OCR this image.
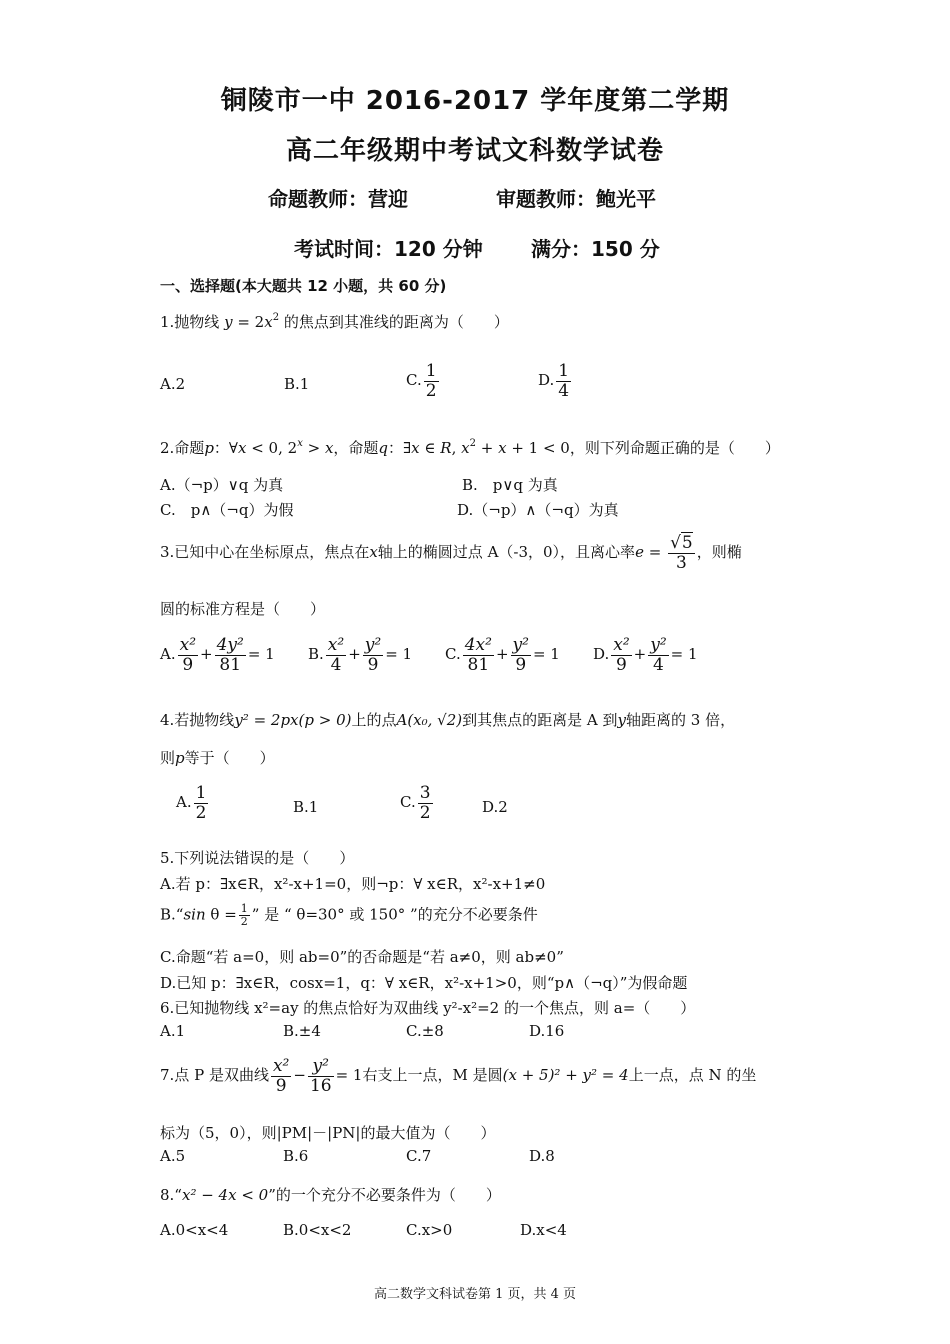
铜陵市一中 2016-2017 学年度第二学期
高二年级期中考试文科数学试卷
命题教师：营迎	审题教师：鲍光平
考试时间：120 分钟 满分：150 分
一、选择题(本大题共 12 小题，共 60 分)
1.抛物线 $y = 2x^2$ 的焦点到其准线的距离为（　　）
A.2	B.1	C. $\frac{1}{2}$	D. $\frac{1}{4}$
2.命题p：∀x < 0, $2^x > x$，命题q：∃x ∈ R, $x^2 + x + 1 < 0$，则下列命题正确的是（　　）
A.（¬p）∨q 为真	B.　p∨q 为真
C.　p∧（¬q）为假	D.（¬p）∧（¬q）为真
3.已知中心在坐标原点，焦点在x轴上的椭圆过点 A（-3，0），且离心率$e = \frac{√5}{3}$ ，则椭
圆的标准方程是（　　）
A. $\frac{\text{x²}}{9} + \frac{\text{4y²}}{81} = 1$ B. $\frac{\text{x²}}{4} + \frac{\text{y²}}{9} = 1$ C. $\frac{\text{4x²}}{81} + \frac{\text{y²}}{9} = 1$ D. $\frac{\text{x²}}{9} + \frac{\text{y²}}{4} = 1$
4.若抛物线y² = 2px(p > 0)上的点A(x₀, √2)到其焦点的距离是 A 到y轴距离的 3 倍，
则p等于（　　）
A. $\frac{1}{2}$	B.1	C. $\frac{3}{2}$	D.2
5.下列说法错误的是（　　）
A.若 p：∃x∈R，x²-x+1=0，则¬p：∀ x∈R，x²-x+1≠0
B.“sin $\theta = \frac{1}{2}$ ” 是 “ θ=30° 或 150° ”的充分不必要条件
C.命题“若 a=0，则 ab=0”的否命题是“若 a≠0，则 ab≠0”
D.已知 p：∃x∈R，cosx=1，q：∀ x∈R，x²-x+1>0，则“p∧（¬q）”为假命题
6.已知抛物线 x²=ay 的焦点恰好为双曲线 y²-x²=2 的一个焦点，则 a=（　　）
A.1	B.±4	C.±8	D.16
7.点 P 是双曲线 $\frac{\text{x²}}{9} - \frac{\text{y²}}{16} = 1$右支上一点，M 是圆(x + 5)² + y² = 4上一点，点 N 的坐
标为（5，0），则|PM|－|PN|的最大值为（　　）
A.5	B.6	C.7	D.8
8.“x² − 4x < 0”的一个充分不必要条件为（　　）
A.0<x<4	B.0<x<2	C.x>0	D.x<4
高二数学文科试卷第 1 页，共 4 页
